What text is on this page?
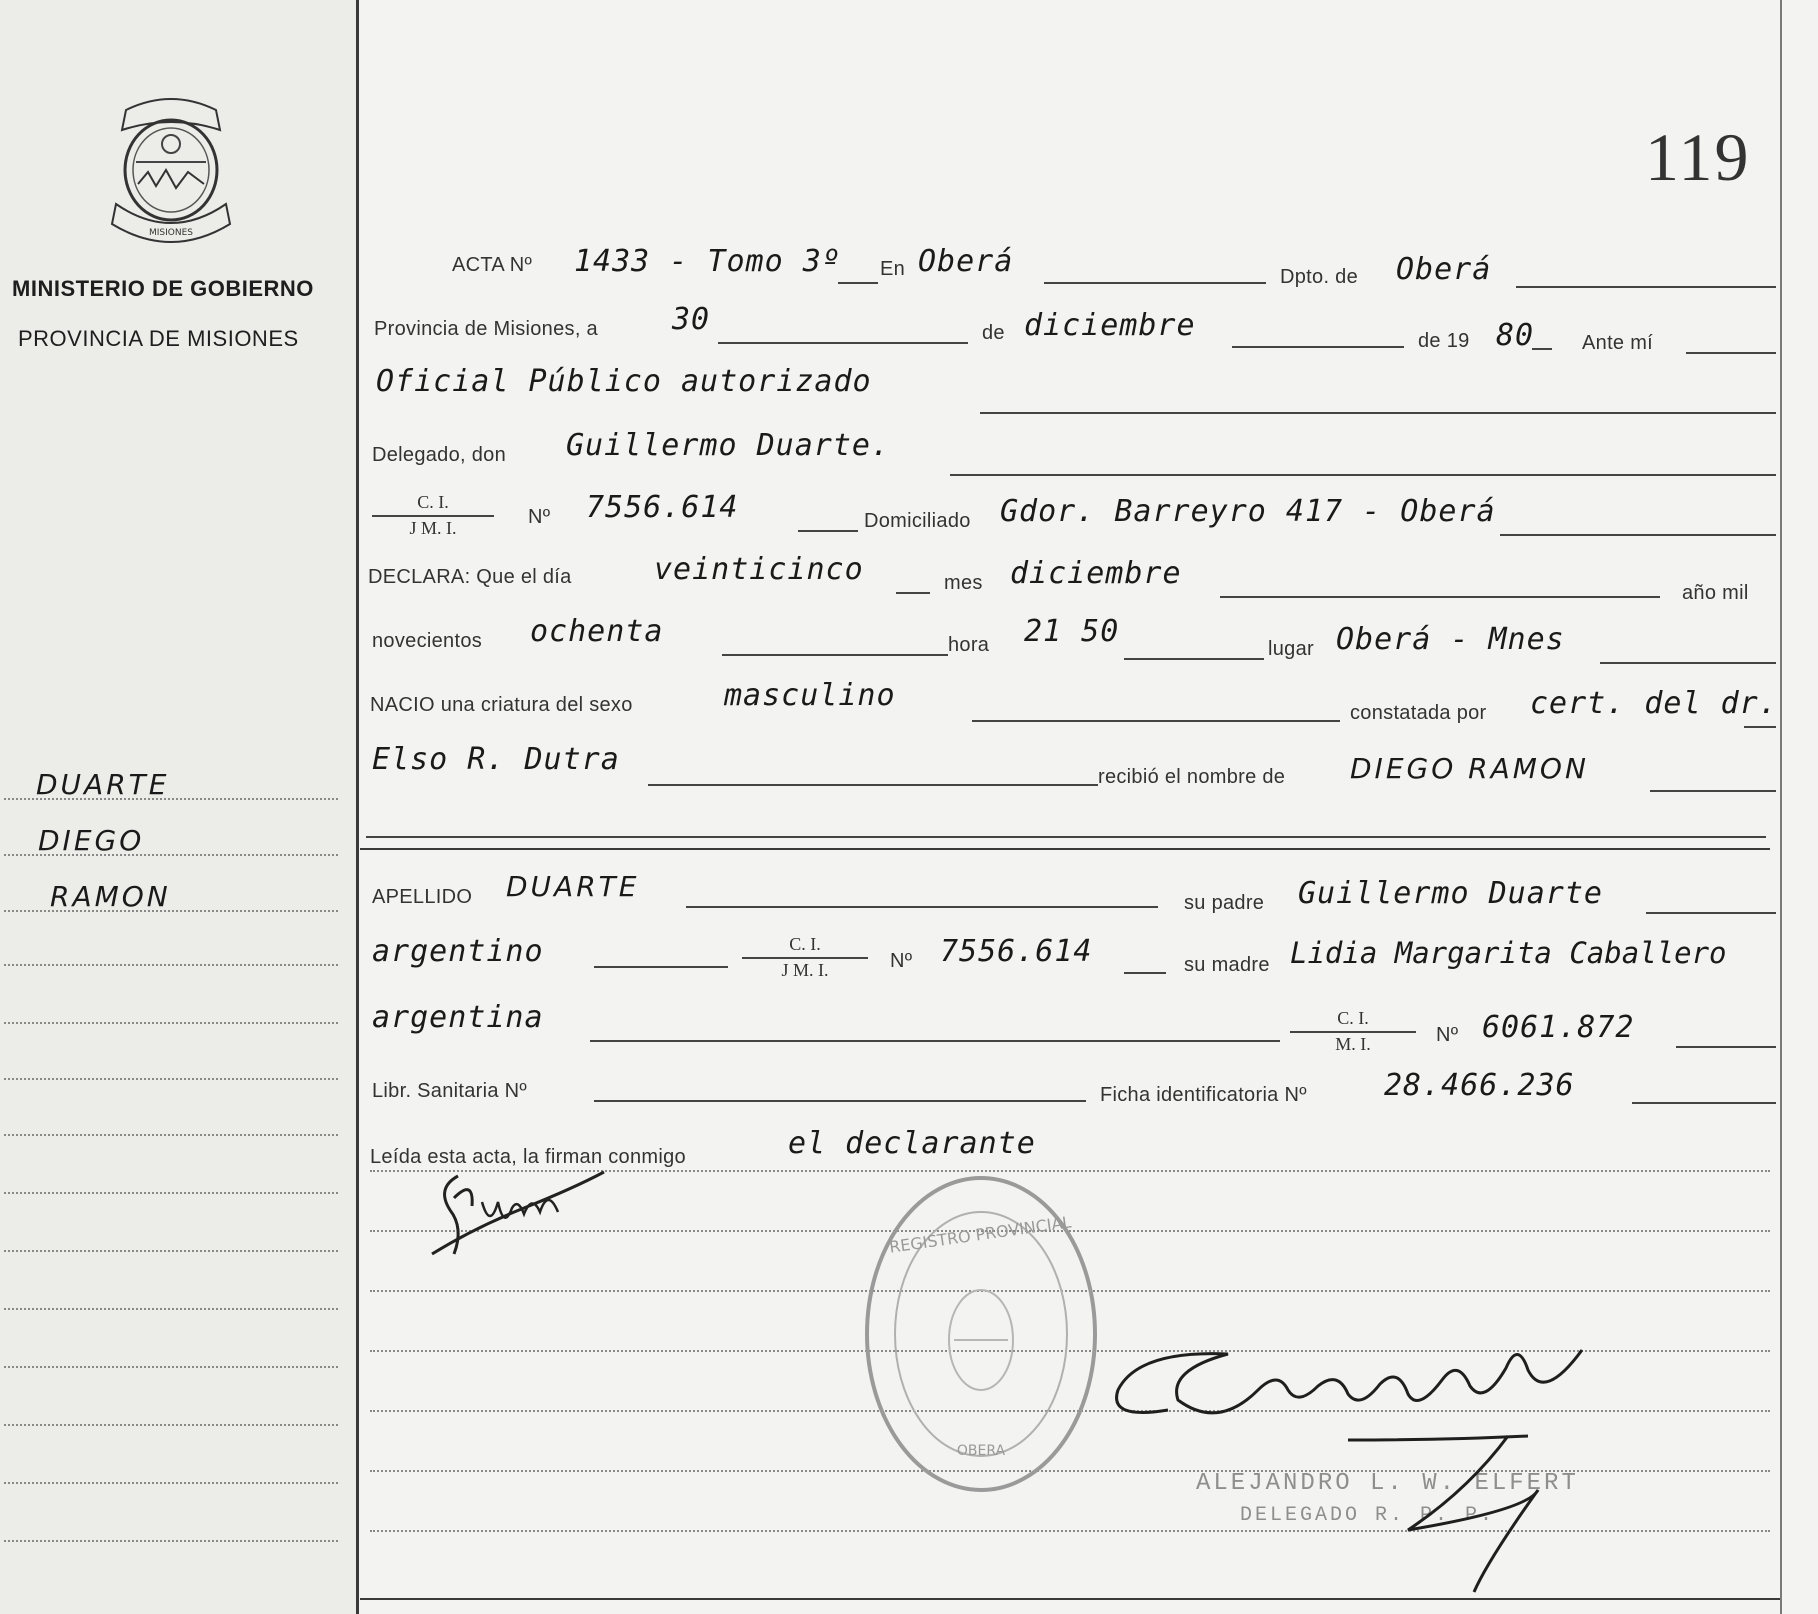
MISIONES
MINISTERIO DE GOBIERNO
PROVINCIA DE MISIONES
119
DUARTE
DIEGO
RAMON
ACTA Nº 1433 - Tomo 3º En Oberá	Dpto. de Oberá
Provincia de Misiones, a 30	de diciembre	de 19 80 Ante mí
Oficial Público autorizado
Delegado, don Guillermo Duarte.
$\frac{C. I.}{\text{J M. I.}}$ Nº 7556.614	Domiciliado Gdor. Barreyro 417 - Oberá
DECLARA: Que el día	veinticinco	mes diciembre
año mil
novecientos ochenta	hora 21 50	lugar Oberá - Mnes
NACIO una criatura del sexo	masculino	constatada por cert. del dr.
Elso R. Dutra	recibió el nombre de DIEGO RAMON
APELLIDO DUARTE	su padre Guillermo Duarte
argentino	$\frac{C. I.}{\text{J M. I.}}$ Nº 7556.614	su madre Lidia Margarita Caballero
argentina	$\frac{C. I.}{M. I.}$ Nº 6061.872
Libr. Sanitaria Nº	Ficha identificatoria Nº	28.466.236
Leída esta acta, la firman conmigo	el declarante
REGISTRO PROVINCIAL
OBERA
ALEJANDRO L. W. ELFERT
DELEGADO R. P. P.
